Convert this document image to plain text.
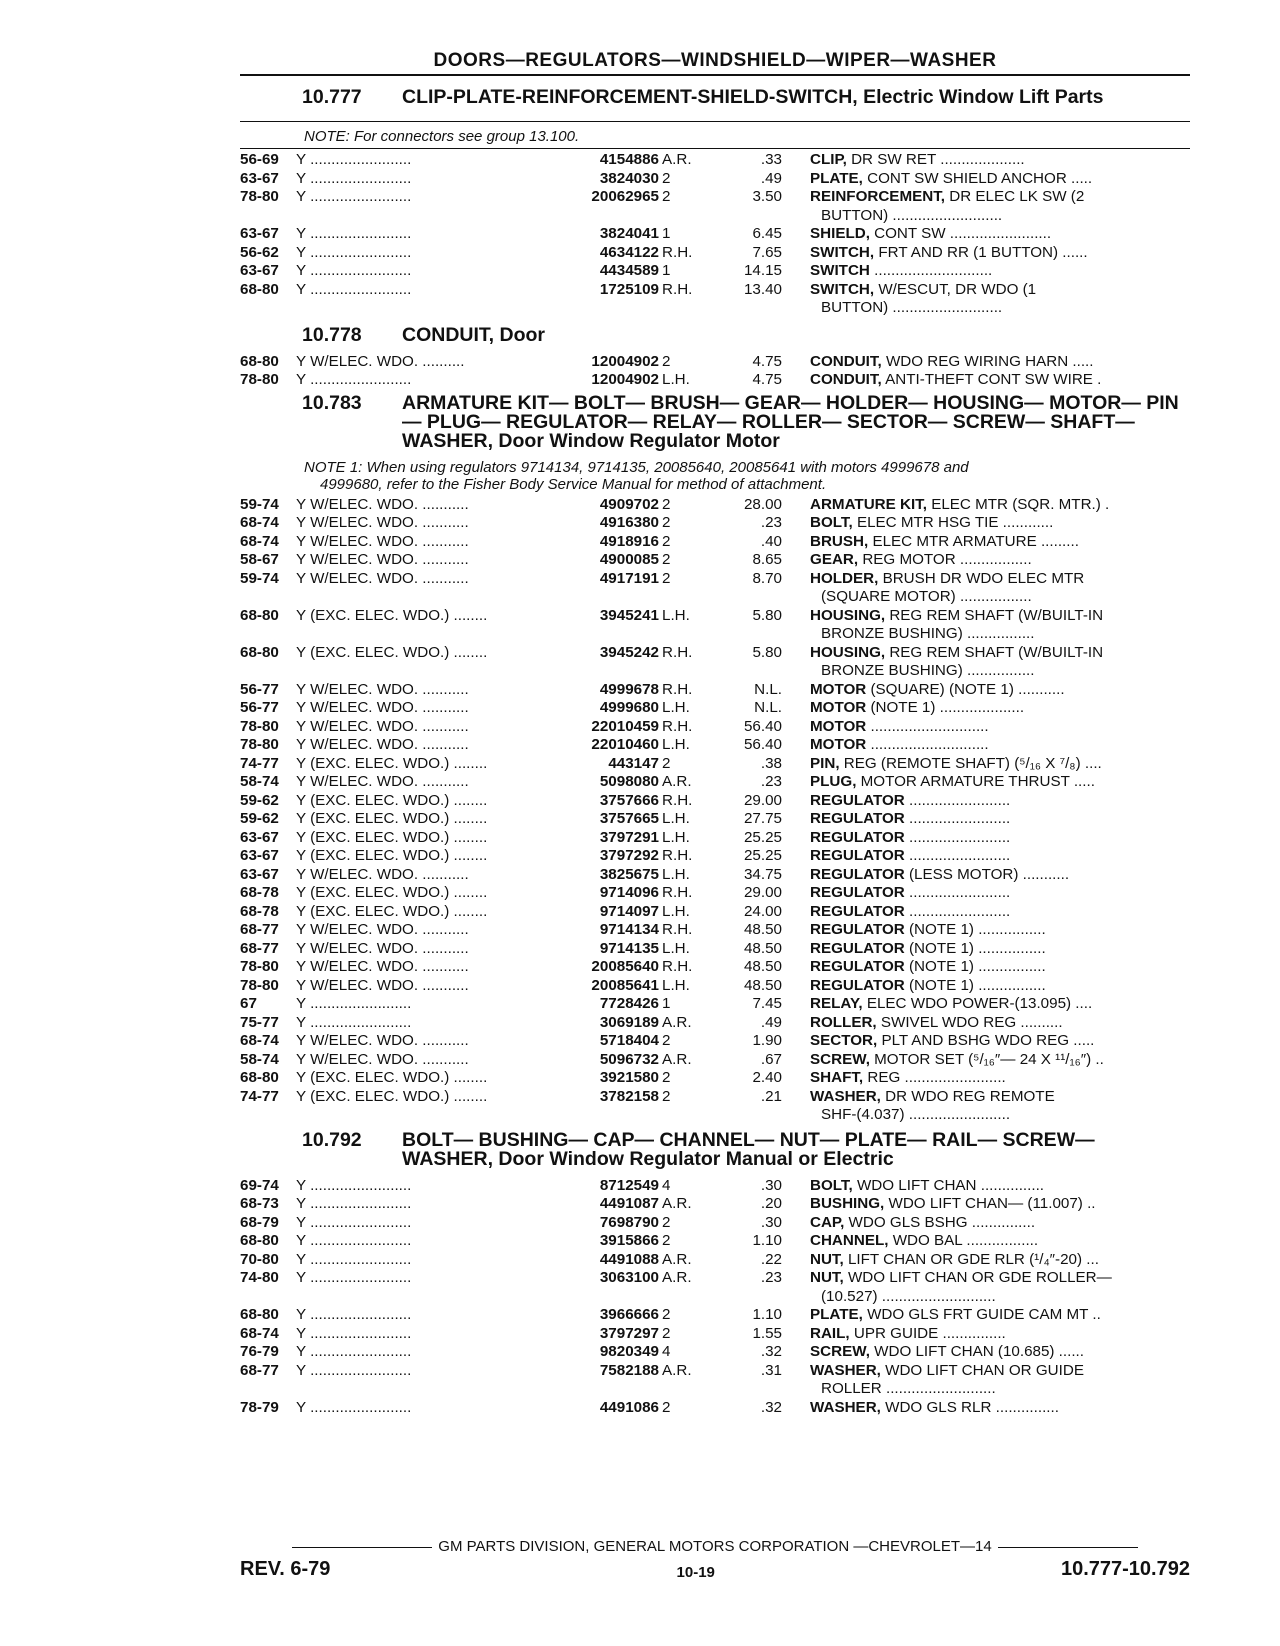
DOORS—REGULATORS—WINDSHIELD—WIPER—WASHER
10.777	CLIP-PLATE-REINFORCEMENT-SHIELD-SWITCH, Electric Window Lift Parts
NOTE: For connectors see group 13.100.
56-69	Y ........................	4154886 A.R.	.33	CLIP, DR SW RET ....................
63-67	Y ........................	3824030 2	.49	PLATE, CONT SW SHIELD ANCHOR .....
78-80	Y ........................	20062965 2	3.50	REINFORCEMENT, DR ELEC LK SW (2
BUTTON) ..........................
63-67	Y ........................	3824041 1	6.45	SHIELD, CONT SW ........................
56-62	Y ........................	4634122 R.H.	7.65	SWITCH, FRT AND RR (1 BUTTON) ......
63-67	Y ........................	4434589 1	14.15	SWITCH ............................
68-80	Y ........................	1725109 R.H.	13.40	SWITCH, W/ESCUT, DR WDO (1
BUTTON) ..........................
10.778	CONDUIT, Door
68-80	Y W/ELEC. WDO. ..........	12004902 2	4.75	CONDUIT, WDO REG WIRING HARN .....
78-80	Y ........................	12004902 L.H.	4.75	CONDUIT, ANTI-THEFT CONT SW WIRE .
10.783	ARMATURE KIT— BOLT— BRUSH— GEAR— HOLDER— HOUSING— MOTOR— PIN— PLUG— REGULATOR— RELAY— ROLLER— SECTOR— SCREW— SHAFT— WASHER, Door Window Regulator Motor
NOTE 1: When using regulators 9714134, 9714135, 20085640, 20085641 with motors 4999678 and
4999680, refer to the Fisher Body Service Manual for method of attachment.
59-74	Y W/ELEC. WDO. ...........	4909702 2	28.00	ARMATURE KIT, ELEC MTR (SQR. MTR.) .
68-74	Y W/ELEC. WDO. ...........	4916380 2	.23	BOLT, ELEC MTR HSG TIE ............
68-74	Y W/ELEC. WDO. ...........	4918916 2	.40	BRUSH, ELEC MTR ARMATURE .........
58-67	Y W/ELEC. WDO. ...........	4900085 2	8.65	GEAR, REG MOTOR .................
59-74	Y W/ELEC. WDO. ...........	4917191 2	8.70	HOLDER, BRUSH DR WDO ELEC MTR
(SQUARE MOTOR) .................
68-80	Y (EXC. ELEC. WDO.) ........	3945241 L.H.	5.80	HOUSING, REG REM SHAFT (W/BUILT-IN
BRONZE BUSHING) ................
68-80	Y (EXC. ELEC. WDO.) ........	3945242 R.H.	5.80	HOUSING, REG REM SHAFT (W/BUILT-IN
BRONZE BUSHING) ................
56-77	Y W/ELEC. WDO. ...........	4999678 R.H.	N.L.	MOTOR (SQUARE) (NOTE 1) ...........
56-77	Y W/ELEC. WDO. ...........	4999680 L.H.	N.L.	MOTOR (NOTE 1) ....................
78-80	Y W/ELEC. WDO. ...........	22010459 R.H.	56.40	MOTOR ............................
78-80	Y W/ELEC. WDO. ...........	22010460 L.H.	56.40	MOTOR ............................
74-77	Y (EXC. ELEC. WDO.) ........	443147 2	.38	PIN, REG (REMOTE SHAFT) (⁵/₁₆ X ⁷/₈) ....
58-74	Y W/ELEC. WDO. ...........	5098080 A.R.	.23	PLUG, MOTOR ARMATURE THRUST .....
59-62	Y (EXC. ELEC. WDO.) ........	3757666 R.H.	29.00	REGULATOR ........................
59-62	Y (EXC. ELEC. WDO.) ........	3757665 L.H.	27.75	REGULATOR ........................
63-67	Y (EXC. ELEC. WDO.) ........	3797291 L.H.	25.25	REGULATOR ........................
63-67	Y (EXC. ELEC. WDO.) ........	3797292 R.H.	25.25	REGULATOR ........................
63-67	Y W/ELEC. WDO. ...........	3825675 L.H.	34.75	REGULATOR (LESS MOTOR) ...........
68-78	Y (EXC. ELEC. WDO.) ........	9714096 R.H.	29.00	REGULATOR ........................
68-78	Y (EXC. ELEC. WDO.) ........	9714097 L.H.	24.00	REGULATOR ........................
68-77	Y W/ELEC. WDO. ...........	9714134 R.H.	48.50	REGULATOR (NOTE 1) ................
68-77	Y W/ELEC. WDO. ...........	9714135 L.H.	48.50	REGULATOR (NOTE 1) ................
78-80	Y W/ELEC. WDO. ...........	20085640 R.H.	48.50	REGULATOR (NOTE 1) ................
78-80	Y W/ELEC. WDO. ...........	20085641 L.H.	48.50	REGULATOR (NOTE 1) ................
67	Y ........................	7728426 1	7.45	RELAY, ELEC WDO POWER-(13.095) ....
75-77	Y ........................	3069189 A.R.	.49	ROLLER, SWIVEL WDO REG ..........
68-74	Y W/ELEC. WDO. ...........	5718404 2	1.90	SECTOR, PLT AND BSHG WDO REG .....
58-74	Y W/ELEC. WDO. ...........	5096732 A.R.	.67	SCREW, MOTOR SET (⁵/₁₆″— 24 X ¹¹/₁₆″) ..
68-80	Y (EXC. ELEC. WDO.) ........	3921580 2	2.40	SHAFT, REG ........................
74-77	Y (EXC. ELEC. WDO.) ........	3782158 2	.21	WASHER, DR WDO REG REMOTE
SHF-(4.037) ........................
10.792	BOLT— BUSHING— CAP— CHANNEL— NUT— PLATE— RAIL— SCREW— WASHER, Door Window Regulator Manual or Electric
69-74	Y ........................	8712549 4	.30	BOLT, WDO LIFT CHAN ...............
68-73	Y ........................	4491087 A.R.	.20	BUSHING, WDO LIFT CHAN— (11.007) ..
68-79	Y ........................	7698790 2	.30	CAP, WDO GLS BSHG ...............
68-80	Y ........................	3915866 2	1.10	CHANNEL, WDO BAL .................
70-80	Y ........................	4491088 A.R.	.22	NUT, LIFT CHAN OR GDE RLR (¹/₄″-20) ...
74-80	Y ........................	3063100 A.R.	.23	NUT, WDO LIFT CHAN OR GDE ROLLER—
(10.527) ...........................
68-80	Y ........................	3966666 2	1.10	PLATE, WDO GLS FRT GUIDE CAM MT ..
68-74	Y ........................	3797297 2	1.55	RAIL, UPR GUIDE ...............
76-79	Y ........................	9820349 4	.32	SCREW, WDO LIFT CHAN (10.685) ......
68-77	Y ........................	7582188 A.R.	.31	WASHER, WDO LIFT CHAN OR GUIDE
ROLLER ..........................
78-79	Y ........................	4491086 2	.32	WASHER, WDO GLS RLR ...............
GM PARTS DIVISION, GENERAL MOTORS CORPORATION —CHEVROLET—14
REV. 6-79	10-19	10.777-10.792
